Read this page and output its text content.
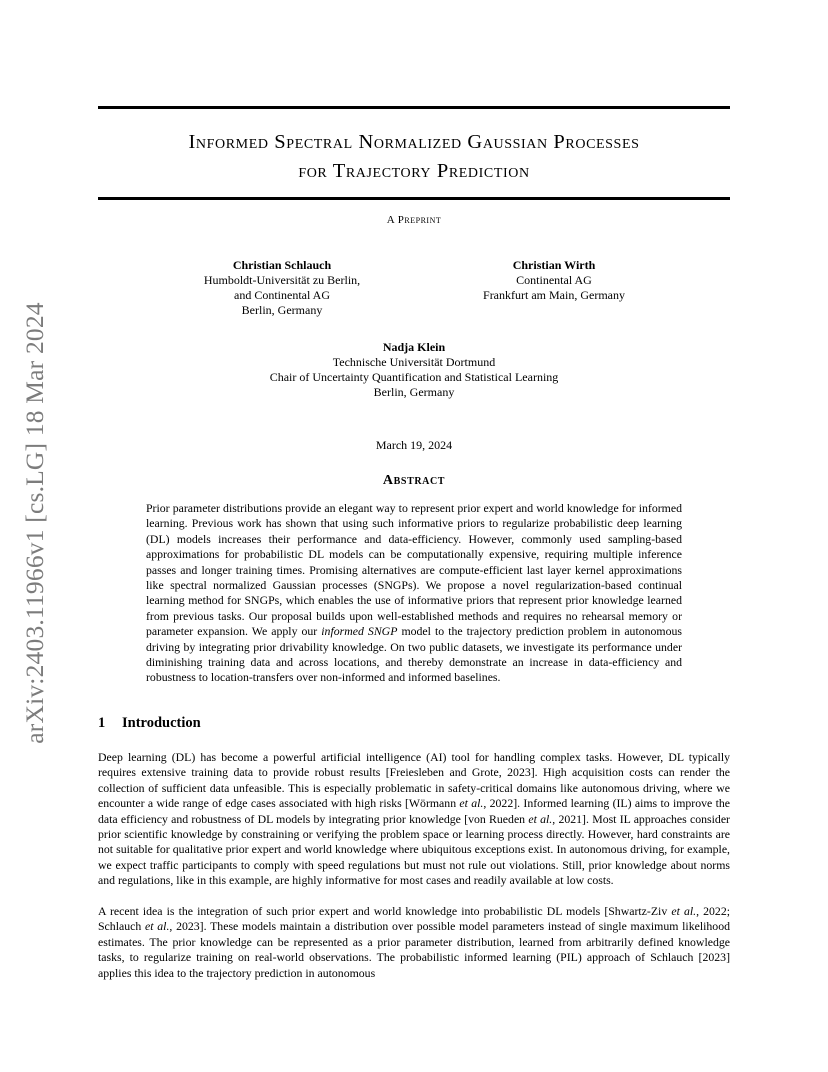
arXiv:2403.11966v1 [cs.LG] 18 Mar 2024
Informed Spectral Normalized Gaussian Processes
for Trajectory Prediction
A Preprint
Christian Schlauch
Humboldt-Universität zu Berlin,
and Continental AG
Berlin, Germany
Christian Wirth
Continental AG
Frankfurt am Main, Germany
Nadja Klein
Technische Universität Dortmund
Chair of Uncertainty Quantification and Statistical Learning
Berlin, Germany
March 19, 2024
Abstract
Prior parameter distributions provide an elegant way to represent prior expert and world knowledge for informed learning. Previous work has shown that using such informative priors to regularize probabilistic deep learning (DL) models increases their performance and data-efficiency. However, commonly used sampling-based approximations for probabilistic DL models can be computationally expensive, requiring multiple inference passes and longer training times. Promising alternatives are compute-efficient last layer kernel approximations like spectral normalized Gaussian processes (SNGPs). We propose a novel regularization-based continual learning method for SNGPs, which enables the use of informative priors that represent prior knowledge learned from previous tasks. Our proposal builds upon well-established methods and requires no rehearsal memory or parameter expansion. We apply our informed SNGP model to the trajectory prediction problem in autonomous driving by integrating prior drivability knowledge. On two public datasets, we investigate its performance under diminishing training data and across locations, and thereby demonstrate an increase in data-efficiency and robustness to location-transfers over non-informed and informed baselines.
1 Introduction
Deep learning (DL) has become a powerful artificial intelligence (AI) tool for handling complex tasks. However, DL typically requires extensive training data to provide robust results [Freiesleben and Grote, 2023]. High acquisition costs can render the collection of sufficient data unfeasible. This is especially problematic in safety-critical domains like autonomous driving, where we encounter a wide range of edge cases associated with high risks [Wörmann et al., 2022]. Informed learning (IL) aims to improve the data efficiency and robustness of DL models by integrating prior knowledge [von Rueden et al., 2021]. Most IL approaches consider prior scientific knowledge by constraining or verifying the problem space or learning process directly. However, hard constraints are not suitable for qualitative prior expert and world knowledge where ubiquitous exceptions exist. In autonomous driving, for example, we expect traffic participants to comply with speed regulations but must not rule out violations. Still, prior knowledge about norms and regulations, like in this example, are highly informative for most cases and readily available at low costs.
A recent idea is the integration of such prior expert and world knowledge into probabilistic DL models [Shwartz-Ziv et al., 2022; Schlauch et al., 2023]. These models maintain a distribution over possible model parameters instead of single maximum likelihood estimates. The prior knowledge can be represented as a prior parameter distribution, learned from arbitrarily defined knowledge tasks, to regularize training on real-world observations. The probabilistic informed learning (PIL) approach of Schlauch [2023] applies this idea to the trajectory prediction in autonomous
